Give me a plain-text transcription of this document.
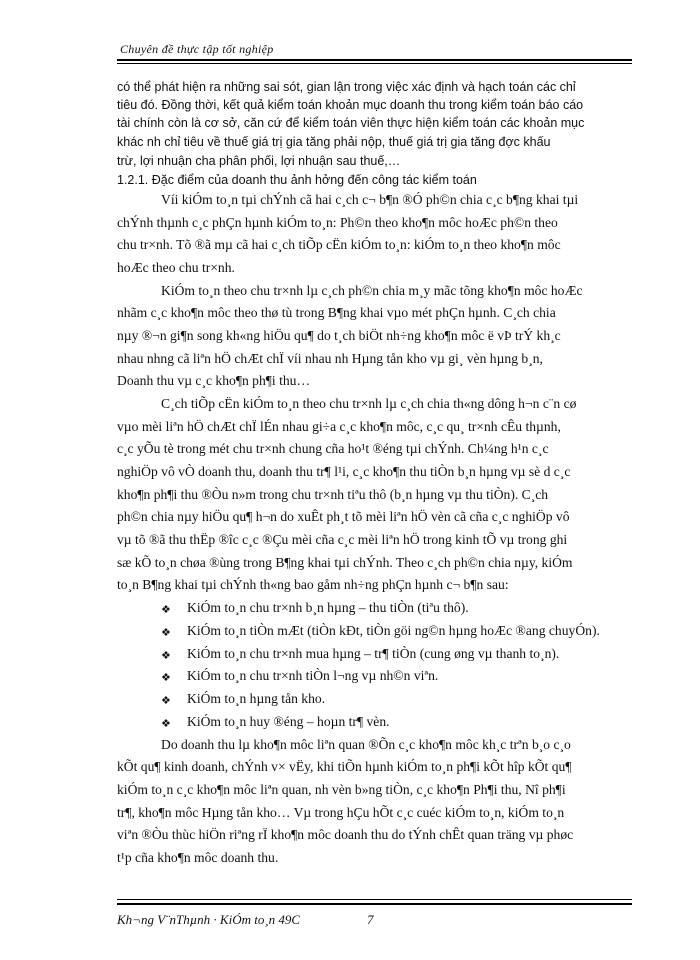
Chuyên đề thực tập tốt nghiệp
có thể phát hiện ra những sai sót, gian lận trong việc xác định và hạch toán các chỉ
tiêu đó. Đồng thời, kết quả kiểm toán khoản mục doanh thu trong kiểm toán báo cáo
tài chính còn là cơ sở, căn cứ để kiểm toán viên thực hiện kiểm toán các khoản mục
khác nh chỉ tiêu về thuế giá trị gia tăng phải nộp, thuế giá trị gia tăng đợc khấu
trừ, lợi nhuận cha phân phối, lợi nhuận sau thuế,…
1.2.1. Đặc điểm của doanh thu ảnh hởng đến công tác kiểm toán
Víi kiÓm to¸n tµi chÝnh cã hai c¸ch c¬ b¶n ®Ó ph©n chia c¸c b¶ng khai tµi
chÝnh thµnh c¸c phÇn hµnh kiÓm to¸n: Ph©n theo kho¶n môc hoÆc ph©n theo
chu tr×nh. Tõ ®ã mµ cã hai c¸ch tiÕp cËn kiÓm to¸n: kiÓm to¸n theo kho¶n môc
hoÆc theo chu tr×nh.
KiÓm to¸n theo chu tr×nh lµ c¸ch ph©n chia m¸y mãc tõng kho¶n môc hoÆc
nhãm c¸c kho¶n môc theo thø tù trong B¶ng khai vµo mét phÇn hµnh. C¸ch chia
nµy ®¬n gi¶n song kh«ng hiÖu qu¶ do t¸ch biÖt nh÷ng kho¶n môc ë vÞ trÝ kh¸c
nhau nhng cã liªn hÖ chÆt chÏ víi nhau nh Hµng tån kho vµ gi¸ vèn hµng b¸n,
Doanh thu vµ c¸c kho¶n ph¶i thu…
C¸ch tiÕp cËn kiÓm to¸n theo chu tr×nh lµ c¸ch chia th«ng dông h¬n c¨n cø
vµo mèi liªn hÖ chÆt chÏ lÉn nhau gi÷a c¸c kho¶n môc, c¸c qu¸ tr×nh cÊu thµnh,
c¸c yÕu tè trong mét chu tr×nh chung cña ho¹t ®éng tµi chÝnh. Ch¼ng h¹n c¸c
nghiÖp vô vÒ doanh thu, doanh thu tr¶ l¹i, c¸c kho¶n thu tiÒn b¸n hµng vµ sè d c¸c
kho¶n ph¶i thu ®Òu n»m trong chu tr×nh tiªu thô (b¸n hµng vµ thu tiÒn). C¸ch
ph©n chia nµy hiÖu qu¶ h¬n do xuÊt ph¸t tõ mèi liªn hÖ vèn cã cña c¸c nghiÖp vô
vµ tõ ®ã thu thËp ®îc c¸c ®Çu mèi cña c¸c mèi liªn hÖ trong kinh tÕ vµ trong ghi
sæ kÕ to¸n chøa ®ùng trong B¶ng khai tµi chÝnh. Theo c¸ch ph©n chia nµy, kiÓm
to¸n B¶ng khai tµi chÝnh th«ng bao gåm nh÷ng phÇn hµnh c¬ b¶n sau:
❖ KiÓm to¸n chu tr×nh b¸n hµng – thu tiÒn (tiªu thô).
❖ KiÓm to¸n tiÒn mÆt (tiÒn kÐt, tiÒn göi ng©n hµng hoÆc ®ang chuyÓn).
❖ KiÓm to¸n chu tr×nh mua hµng – tr¶ tiÒn (cung øng vµ thanh to¸n).
❖ KiÓm to¸n chu tr×nh tiÒn l¬ng vµ nh©n viªn.
❖ KiÓm to¸n hµng tån kho.
❖ KiÓm to¸n huy ®éng – hoµn tr¶ vèn.
Do doanh thu lµ kho¶n môc liªn quan ®Õn c¸c kho¶n môc kh¸c trªn b¸o c¸o
kÕt qu¶ kinh doanh, chÝnh v× vËy, khi tiÕn hµnh kiÓm to¸n ph¶i kÕt hîp kÕt qu¶
kiÓm to¸n c¸c kho¶n môc liªn quan, nh vèn b»ng tiÒn, c¸c kho¶n Ph¶i thu, Nî ph¶i
tr¶, kho¶n môc Hµng tån kho… Vµ trong hÇu hÕt c¸c cuéc kiÓm to¸n, kiÓm to¸n
viªn ®Òu thùc hiÖn riªng rÏ kho¶n môc doanh thu do tÝnh chÊt quan träng vµ phøc
t¹p cña kho¶n môc doanh thu.
Kh¬ng V¨nThµnh · KiÓm to¸n 49C	7
